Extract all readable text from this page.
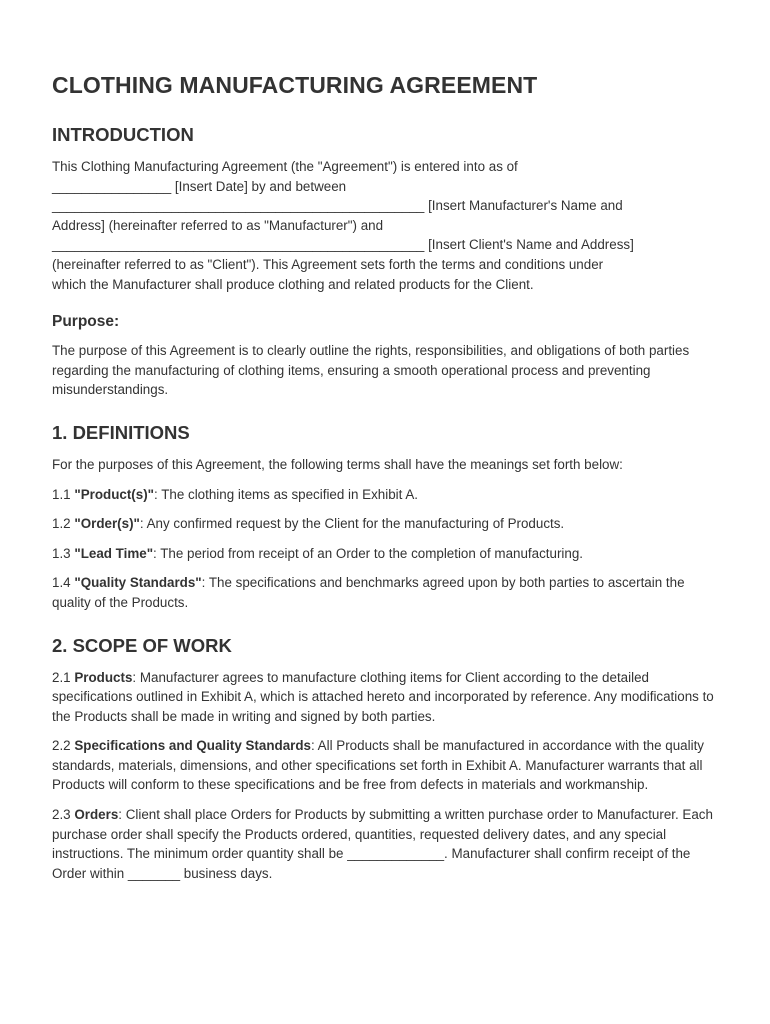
CLOTHING MANUFACTURING AGREEMENT
INTRODUCTION

This Clothing Manufacturing Agreement (the "Agreement") is entered into as of
________________ [Insert Date] by and between
__________________________________________________ [Insert Manufacturer's Name and
Address] (hereinafter referred to as "Manufacturer") and
__________________________________________________ [Insert Client's Name and Address]
(hereinafter referred to as "Client"). This Agreement sets forth the terms and conditions under
which the Manufacturer shall produce clothing and related products for the Client.

Purpose:

The purpose of this Agreement is to clearly outline the rights, responsibilities, and obligations of both parties regarding the manufacturing of clothing items, ensuring a smooth operational process and preventing misunderstandings.

1. DEFINITIONS

For the purposes of this Agreement, the following terms shall have the meanings set forth below:

1.1 "Product(s)": The clothing items as specified in Exhibit A.

1.2 "Order(s)": Any confirmed request by the Client for the manufacturing of Products.

1.3 "Lead Time": The period from receipt of an Order to the completion of manufacturing.

1.4 "Quality Standards": The specifications and benchmarks agreed upon by both parties to ascertain the quality of the Products.

2. SCOPE OF WORK

2.1 Products: Manufacturer agrees to manufacture clothing items for Client according to the detailed specifications outlined in Exhibit A, which is attached hereto and incorporated by reference. Any modifications to the Products shall be made in writing and signed by both parties.

2.2 Specifications and Quality Standards: All Products shall be manufactured in accordance with the quality standards, materials, dimensions, and other specifications set forth in Exhibit A. Manufacturer warrants that all Products will conform to these specifications and be free from defects in materials and workmanship.

2.3 Orders: Client shall place Orders for Products by submitting a written purchase order to Manufacturer. Each purchase order shall specify the Products ordered, quantities, requested delivery dates, and any special instructions. The minimum order quantity shall be _____________. Manufacturer shall confirm receipt of the Order within _______ business days.
